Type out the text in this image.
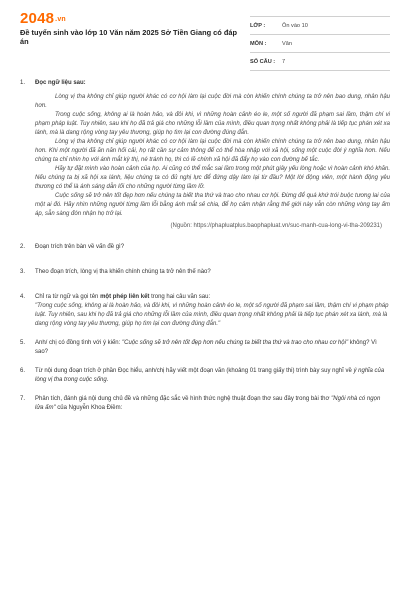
2048.vn
Đề tuyển sinh vào lớp 10 Văn năm 2025 Sở Tiền Giang có đáp án
LỚP :	Ôn vào 10
MÔN :	Văn
SỐ CÂU :	7
1.	Đọc ngữ liệu sau:

Lòng vị tha không chỉ giúp người khác có cơ hội làm lại cuộc đời mà còn khiến chính chúng ta trở nên bao dung, nhân hậu hơn.

Trong cuộc sống, không ai là hoàn hảo, và đôi khi, vì những hoàn cảnh éo le, một số người đã phạm sai lầm, thậm chí vi phạm pháp luật. Tuy nhiên, sau khi họ đã trả giá cho những lỗi lầm của mình, điều quan trọng nhất không phải là tiếp tục phán xét xa lánh, mà là dang rộng vòng tay yêu thương, giúp họ tìm lại con đường đúng đắn.

Lòng vị tha không chỉ giúp người khác có cơ hội làm lại cuộc đời mà còn khiến chính chúng ta trở nên bao dung, nhân hậu hơn. Khi một người đã ăn năn hối cải, họ rất cần sự cảm thông để có thể hòa nhập với xã hội, sống một cuộc đời ý nghĩa hơn. Nếu chúng ta chỉ nhìn họ với ánh mắt kỳ thị, né tránh họ, thì có lẽ chính xã hội đã đẩy họ vào con đường bế tắc.

Hãy tự đặt mình vào hoàn cảnh của họ. Ai cũng có thể mắc sai lầm trong một phút giây yếu lòng hoặc vì hoàn cảnh khó khăn. Nếu chúng ta bị xã hội xa lánh, liệu chúng ta có đủ nghị lực để đứng dậy làm lại từ đầu? Một lời động viên, một hành động yêu thương có thể là ánh sáng dẫn lối cho những người từng lầm lỡ.

Cuộc sống sẽ trở nên tốt đẹp hơn nếu chúng ta biết tha thứ và trao cho nhau cơ hội. Đừng để quá khứ trói buộc tương lai của một ai đó. Hãy nhìn những người từng lầm lỗi bằng ánh mắt sẻ chia, để họ cảm nhận rằng thế giới này vẫn còn những vòng tay ấm áp, sẵn sàng đón nhận họ trở lại.

(Nguồn: https://phapluatplus.baophapluat.vn/suc-manh-cua-long-vi-tha-209231)
2.	Đoạn trích trên bàn về vấn đề gì?
3.	Theo đoạn trích, lòng vị tha khiến chính chúng ta trở nên thế nào?
4.	Chỉ ra từ ngữ và gọi tên một phép liên kết trong hai câu văn sau:
"Trong cuộc sống, không ai là hoàn hảo, và đôi khi, vì những hoàn cảnh éo le, một số người đã phạm sai lầm, thậm chí vi phạm pháp luật. Tuy nhiên, sau khi họ đã trả giá cho những lỗi lầm của mình, điều quan trọng nhất không phải là tiếp tục phán xét xa lánh, mà là dang rộng vòng tay yêu thương, giúp họ tìm lại con đường đúng đắn."
5.	Anh/ chị có đồng tình với ý kiến: "Cuộc sống sẽ trở nên tốt đẹp hơn nếu chúng ta biết tha thứ và trao cho nhau cơ hội" không? Vì sao?
6.	Từ nội dung đoạn trích ở phần Đọc hiểu, anh/chị hãy viết một đoạn văn (khoảng 01 trang giấy thi) trình bày suy nghĩ về ý nghĩa của lòng vị tha trong cuộc sống.
7.	Phân tích, đánh giá nội dung chủ đề và những đặc sắc về hình thức nghệ thuật đoạn thơ sau đây trong bài thơ "Ngôi nhà có ngọn lửa ấm" của Nguyễn Khoa Điềm:
